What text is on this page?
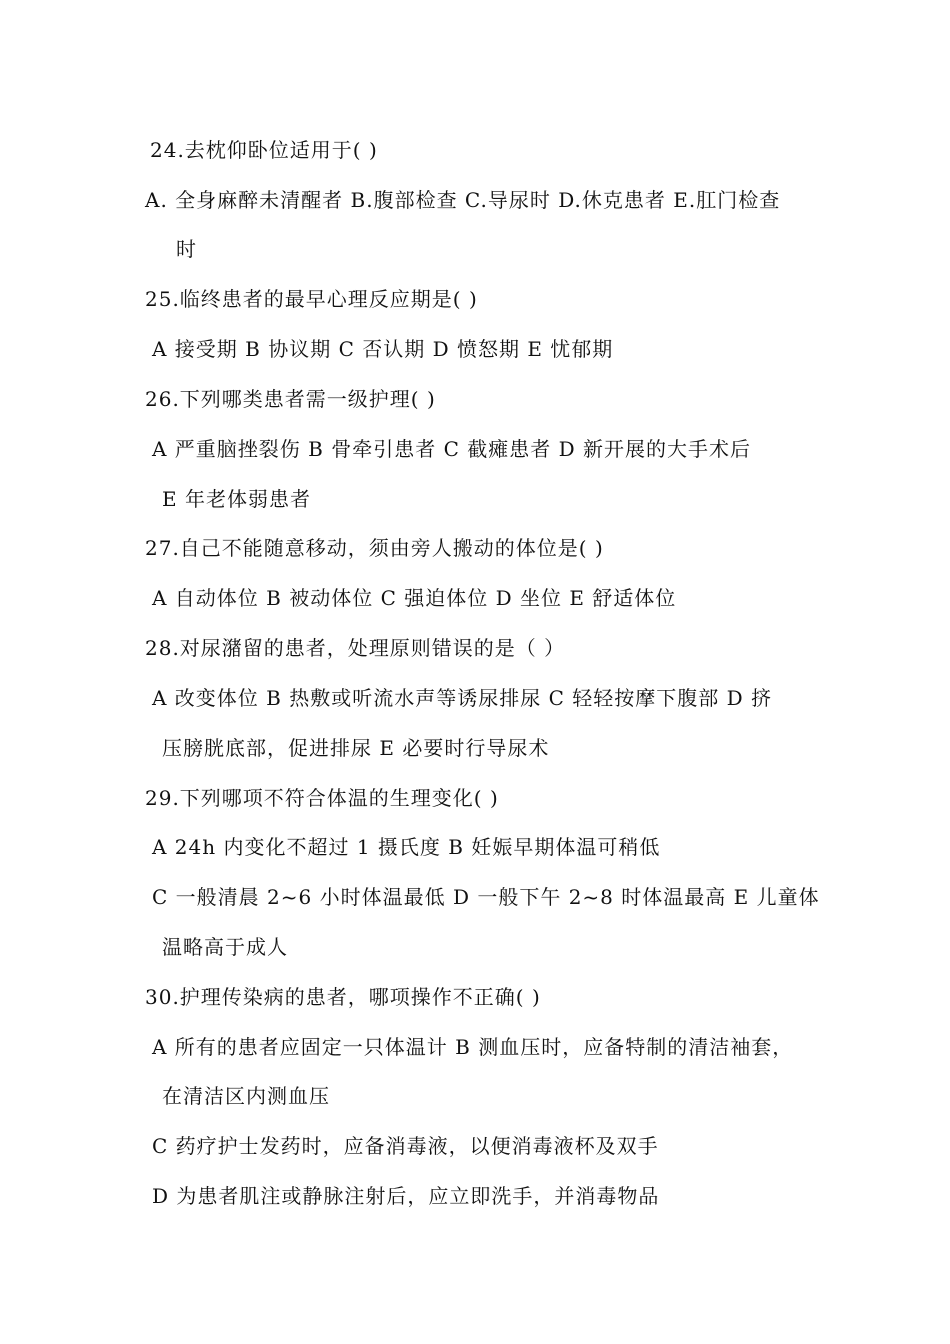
24.去枕仰卧位适用于( )
A. 全身麻醉未清醒者 B.腹部检查 C.导尿时 D.休克患者 E.肛门检查
时
25.临终患者的最早心理反应期是( )
A 接受期 B 协议期 C 否认期 D 愤怒期 E 忧郁期
26.下列哪类患者需一级护理( )
A 严重脑挫裂伤 B 骨牵引患者 C 截瘫患者 D 新开展的大手术后
E 年老体弱患者
27.自己不能随意移动，须由旁人搬动的体位是( )
A 自动体位 B 被动体位 C 强迫体位 D 坐位 E 舒适体位
28.对尿潴留的患者，处理原则错误的是（ ）
A 改变体位 B 热敷或听流水声等诱尿排尿 C 轻轻按摩下腹部 D 挤
压膀胱底部，促进排尿 E 必要时行导尿术
29.下列哪项不符合体温的生理变化( )
A 24h 内变化不超过 1 摄氏度 B 妊娠早期体温可稍低
C 一般清晨 2~6 小时体温最低 D 一般下午 2~8 时体温最高 E 儿童体
温略高于成人
30.护理传染病的患者，哪项操作不正确( )
A 所有的患者应固定一只体温计 B 测血压时，应备特制的清洁袖套，
在清洁区内测血压
C 药疗护士发药时，应备消毒液，以便消毒液杯及双手
D 为患者肌注或静脉注射后，应立即洗手，并消毒物品
